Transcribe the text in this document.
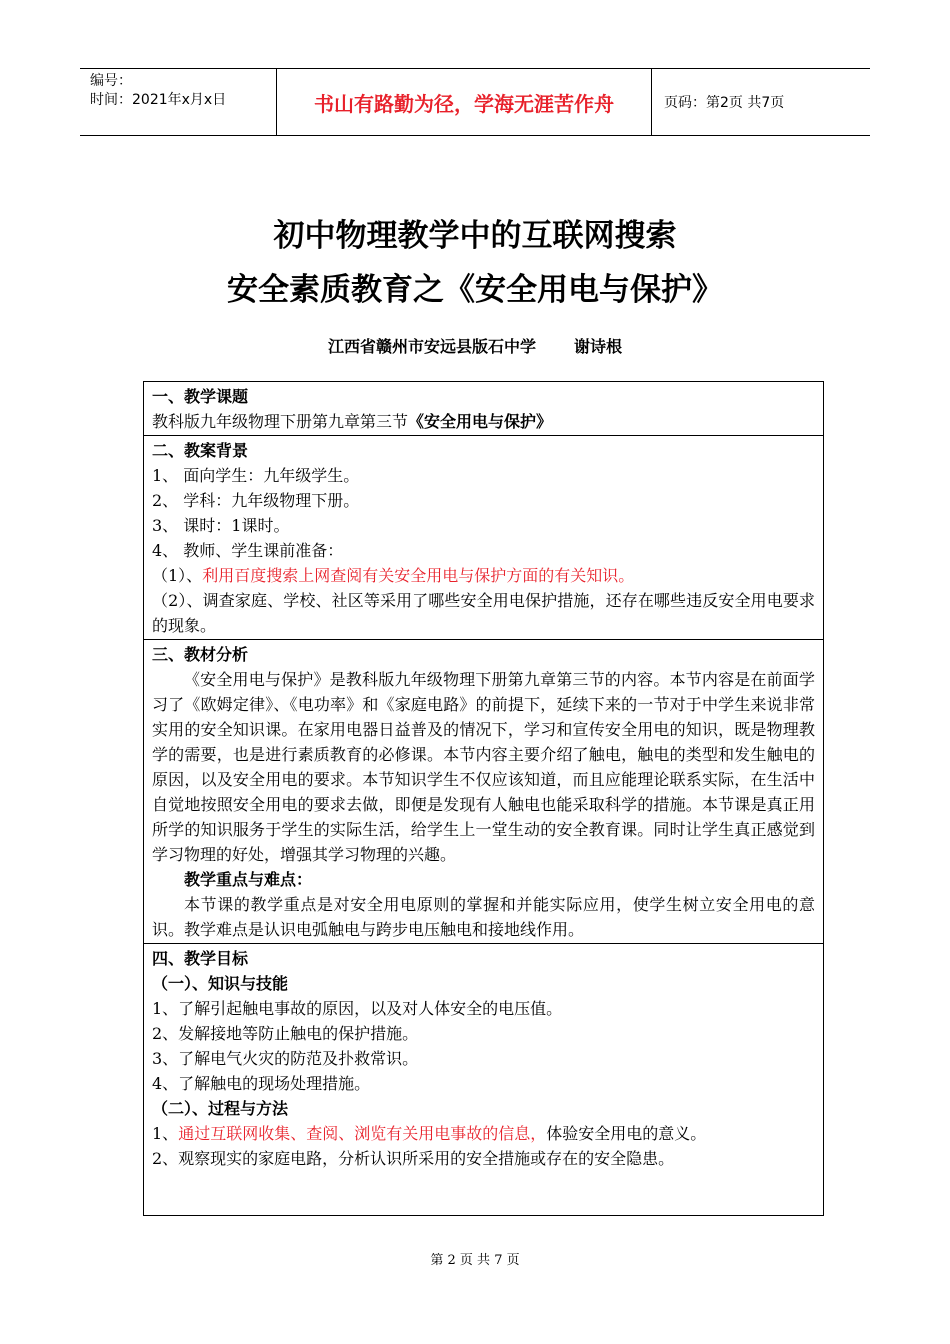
编号：
时间：2021年x月x日	书山有路勤为径，学海无涯苦作舟	页码：第2页 共7页
初中物理教学中的互联网搜索
安全素质教育之《安全用电与保护》
江西省赣州市安远县版石中学 谢诗根

一、教学课题

教科版九年级物理下册第九章第三节《安全用电与保护》

二、教案背景

1、 面向学生：九年级学生。

2、 学科：九年级物理下册。

3、 课时：1课时。

4、 教师、学生课前准备：

（1）、利用百度搜索上网查阅有关安全用电与保护方面的有关知识。

（2）、调查家庭、学校、社区等采用了哪些安全用电保护措施，还存在哪些违反安全用电要求的现象。

三、教材分析

《安全用电与保护》是教科版九年级物理下册第九章第三节的内容。本节内容是在前面学习了《欧姆定律》、《电功率》和《家庭电路》的前提下，延续下来的一节对于中学生来说非常实用的安全知识课。在家用电器日益普及的情况下，学习和宣传安全用电的知识，既是物理教学的需要，也是进行素质教育的必修课。本节内容主要介绍了触电，触电的类型和发生触电的原因，以及安全用电的要求。本节知识学生不仅应该知道，而且应能理论联系实际，在生活中自觉地按照安全用电的要求去做，即便是发现有人触电也能采取科学的措施。本节课是真正用所学的知识服务于学生的实际生活，给学生上一堂生动的安全教育课。同时让学生真正感觉到学习物理的好处，增强其学习物理的兴趣。

教学重点与难点：

本节课的教学重点是对安全用电原则的掌握和并能实际应用，使学生树立安全用电的意识。教学难点是认识电弧触电与跨步电压触电和接地线作用。

四、教学目标

（一）、知识与技能

1、了解引起触电事故的原因，以及对人体安全的电压值。

2、发解接地等防止触电的保护措施。

3、了解电气火灾的防范及扑救常识。

4、了解触电的现场处理措施。

（二）、过程与方法

1、通过互联网收集、查阅、浏览有关用电事故的信息，体验安全用电的意义。

2、观察现实的家庭电路，分析认识所采用的安全措施或存在的安全隐患。

第 2 页 共 7 页
